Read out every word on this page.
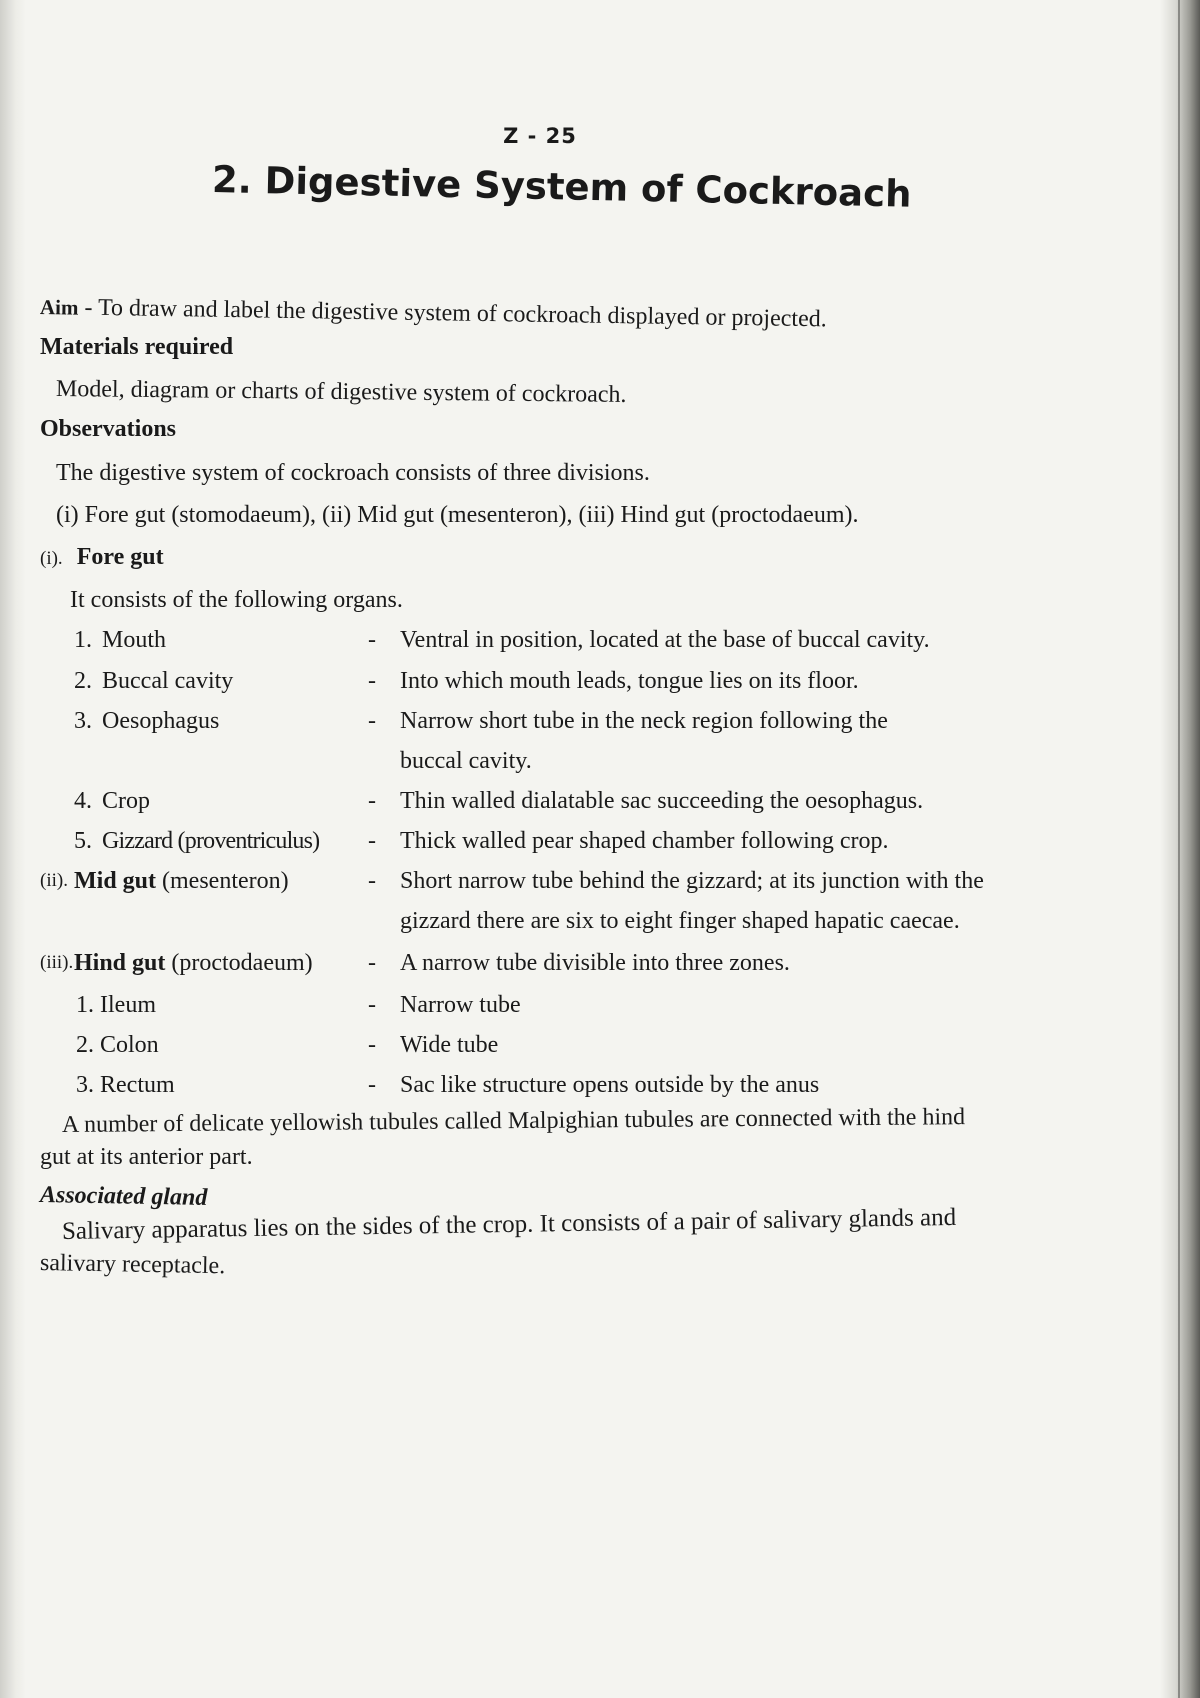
Z - 25
2. Digestive System of Cockroach
Aim - To draw and label the digestive system of cockroach displayed or projected.
Materials required
Model, diagram or charts of digestive system of cockroach.
Observations
The digestive system of cockroach consists of three divisions.
(i) Fore gut (stomodaeum), (ii) Mid gut (mesenteron), (iii) Hind gut (proctodaeum).
(i). Fore gut
It consists of the following organs.
1. Mouth	- Ventral in position, located at the base of buccal cavity.
2. Buccal cavity	- Into which mouth leads, tongue lies on its floor.
3. Oesophagus	- Narrow short tube in the neck region following the
buccal cavity.
4. Crop	- Thin walled dialatable sac succeeding the oesophagus.
5. Gizzard (proventriculus) - Thick walled pear shaped chamber following crop.
(ii). Mid gut (mesenteron)	- Short narrow tube behind the gizzard; at its junction with the
gizzard there are six to eight finger shaped hapatic caecae.
(iii). Hind gut (proctodaeum) - A narrow tube divisible into three zones.
1. Ileum	- Narrow tube
2. Colon	- Wide tube
3. Rectum	- Sac like structure opens outside by the anus
A number of delicate yellowish tubules called Malpighian tubules are connected with the hind
gut at its anterior part.
Associated gland
Salivary apparatus lies on the sides of the crop. It consists of a pair of salivary glands and
salivary receptacle.
